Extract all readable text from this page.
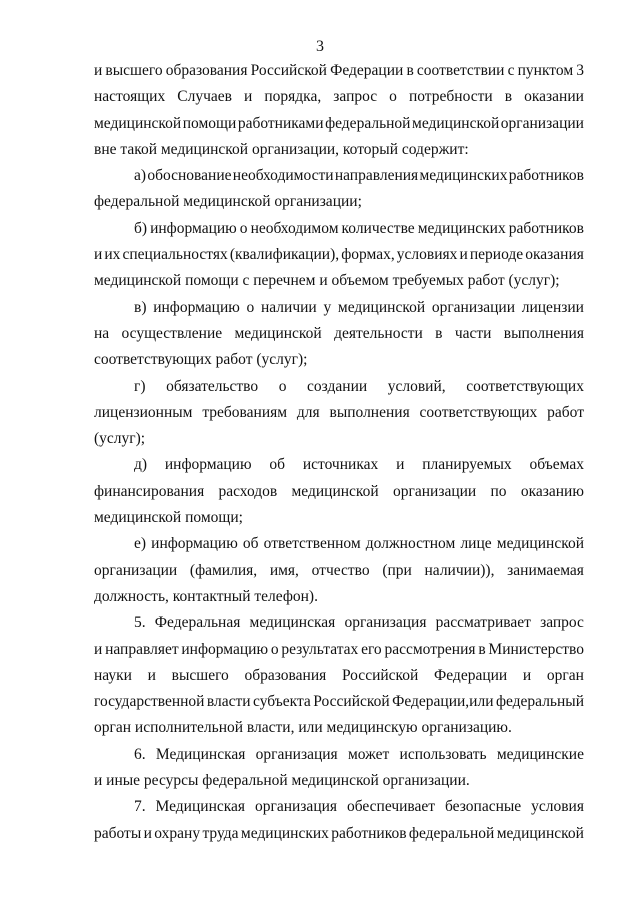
3
и высшего образования Российской Федерации в соответствии с пунктом 3
настоящих Случаев и порядка, запрос о потребности в оказании
медицинской помощи работниками федеральной медицинской организации
вне такой медицинской организации, который содержит:
а) обоснование необходимости направления медицинских работников
федеральной медицинской организации;
б) информацию о необходимом количестве медицинских работников
и их специальностях (квалификации), формах, условиях и периоде оказания
медицинской помощи с перечнем и объемом требуемых работ (услуг);
в) информацию о наличии у медицинской организации лицензии
на осуществление медицинской деятельности в части выполнения
соответствующих работ (услуг);
г) обязательство о создании условий, соответствующих
лицензионным требованиям для выполнения соответствующих работ
(услуг);
д) информацию об источниках и планируемых объемах
финансирования расходов медицинской организации по оказанию
медицинской помощи;
е) информацию об ответственном должностном лице медицинской
организации (фамилия, имя, отчество (при наличии)), занимаемая
должность, контактный телефон).
5. Федеральная медицинская организация рассматривает запрос
и направляет информацию о результатах его рассмотрения в Министерство
науки и высшего образования Российской Федерации и орган
государственной власти субъекта Российской Федерации,или федеральный
орган исполнительной власти, или медицинскую организацию.
6. Медицинская организация может использовать медицинские
и иные ресурсы федеральной медицинской организации.
7. Медицинская организация обеспечивает безопасные условия
работы и охрану труда медицинских работников федеральной медицинской
